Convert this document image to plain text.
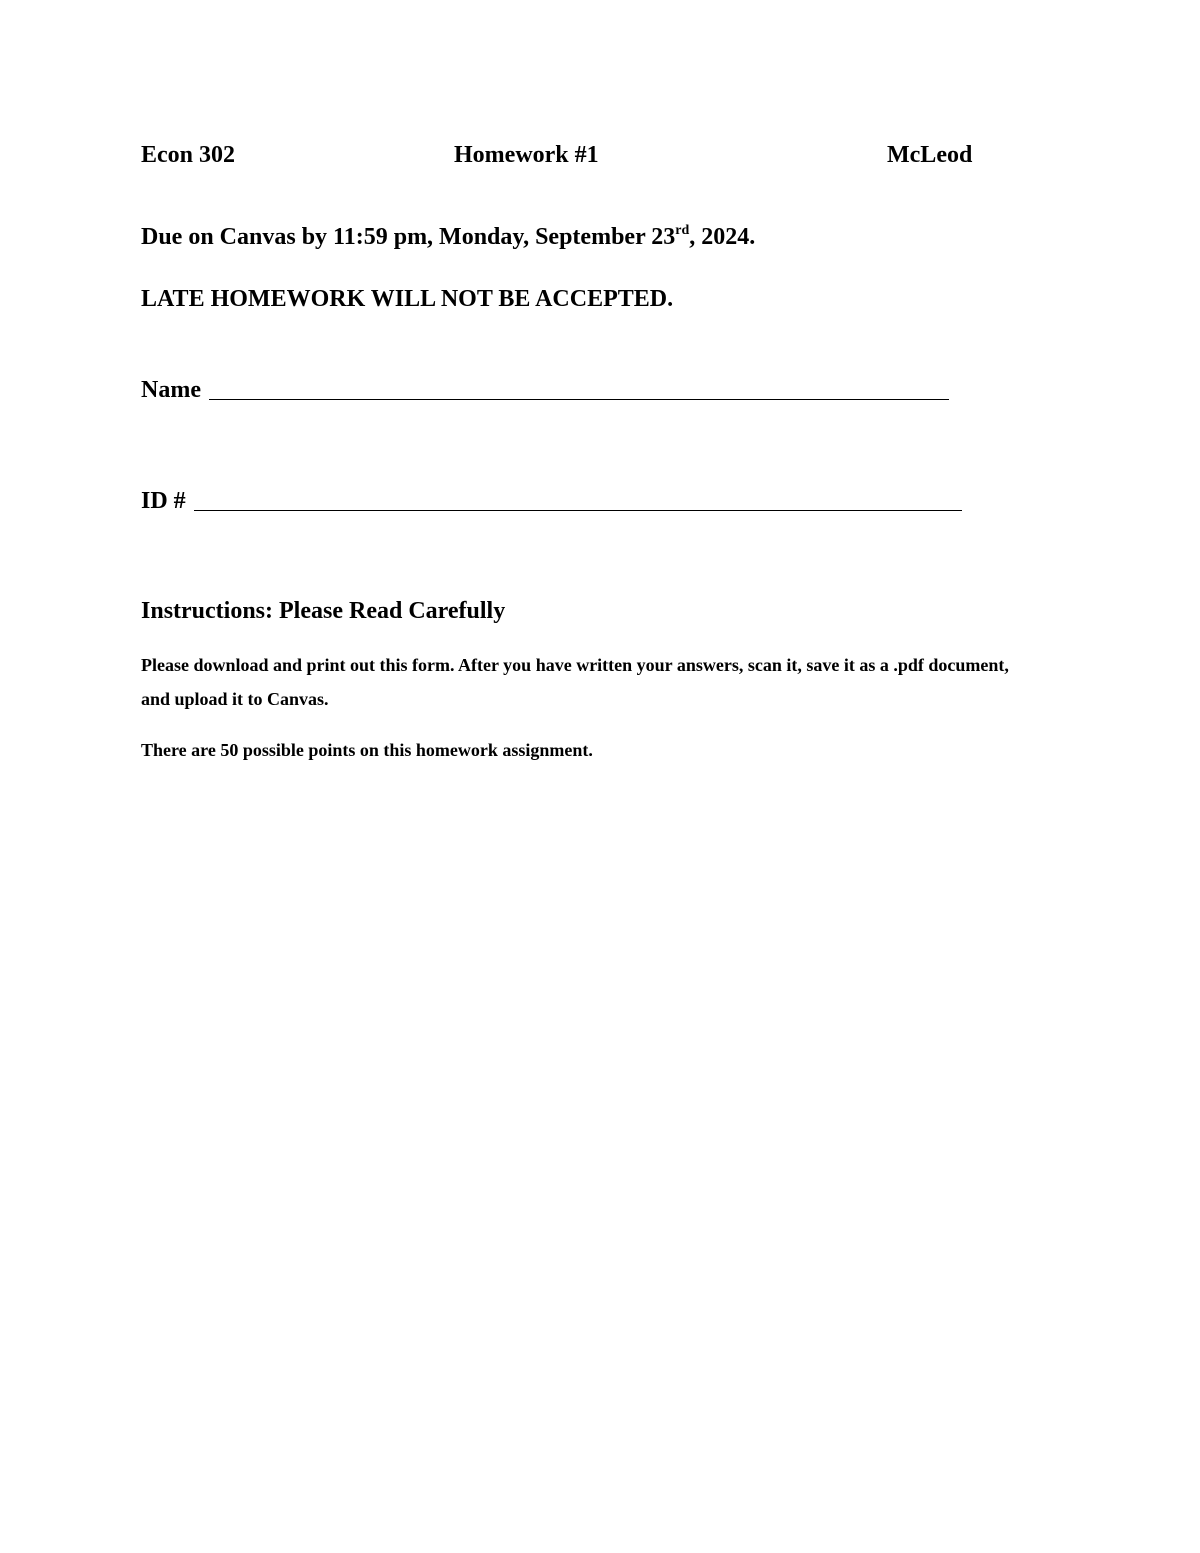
Econ 302	Homework #1	McLeod
Due on Canvas by 11:59 pm, Monday, September 23rd, 2024.
LATE HOMEWORK WILL NOT BE ACCEPTED.
Name
ID #
Instructions: Please Read Carefully
Please download and print out this form. After you have written your answers, scan it, save it as a .pdf document, and upload it to Canvas.
There are 50 possible points on this homework assignment.
